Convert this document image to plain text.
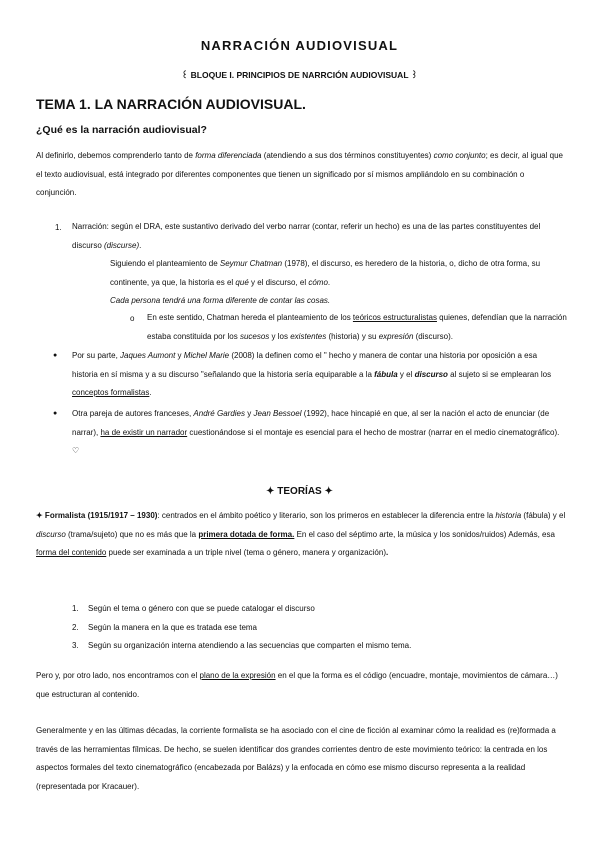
NARRACIÓN AUDIOVISUAL
꒰ BLOQUE I. PRINCIPIOS DE NARRCIÓN AUDIOVISUAL ꒱
TEMA 1. LA NARRACIÓN AUDIOVISUAL.
¿Qué es la narración audiovisual?
Al definirlo, debemos comprenderlo tanto de forma diferenciada (atendiendo a sus dos términos constituyentes) como conjunto; es decir, al igual que el texto audiovisual, está integrado por diferentes componentes que tienen un significado por sí mismos ampliándolo en su combinación o conjunción.
1. Narración: según el DRA, este sustantivo derivado del verbo narrar (contar, referir un hecho) es una de las partes constituyentes del discurso (discurse).
Siguiendo el planteamiento de Seymur Chatman (1978), el discurso, es heredero de la historia, o, dicho de otra forma, su continente, ya que, la historia es el qué y el discurso, el cómo.
Cada persona tendrá una forma diferente de contar las cosas.
o En este sentido, Chatman hereda el planteamiento de los teóricos estructuralistas quienes, defendían que la narración estaba constituida por los sucesos y los existentes (historia) y su expresión (discurso).
● Por su parte, Jaques Aumont y Michel Marie (2008) la definen como el " hecho y manera de contar una historia por oposición a esa historia en sí misma y a su discurso "señalando que la historia sería equiparable a la fábula y el discurso al sujeto si se emplearan los conceptos formalistas.
● Otra pareja de autores franceses, André Gardies y Jean Bessoel (1992), hace hincapié en que, al ser la nación el acto de enunciar (de narrar), ha de existir un narrador cuestionándose si el montaje es esencial para el hecho de mostrar (narrar en el medio cinematográfico). ♡
✦ TEORÍAS ✦
✦ Formalista (1915/1917 – 1930): centrados en el ámbito poético y literario, son los primeros en establecer la diferencia entre la historia (fábula) y el discurso (trama/sujeto) que no es más que la primera dotada de forma. En el caso del séptimo arte, la música y los sonidos/ruidos) Además, esa forma del contenido puede ser examinada a un triple nivel (tema o género, manera y organización).
1. Según el tema o género con que se puede catalogar el discurso
2. Según la manera en la que es tratada ese tema
3. Según su organización interna atendiendo a las secuencias que comparten el mismo tema.
Pero y, por otro lado, nos encontramos con el plano de la expresión en el que la forma es el código (encuadre, montaje, movimientos de cámara…) que estructuran al contenido.
Generalmente y en las últimas décadas, la corriente formalista se ha asociado con el cine de ficción al examinar cómo la realidad es (re)formada a través de las herramientas fílmicas. De hecho, se suelen identificar dos grandes corrientes dentro de este movimiento teórico: la centrada en los aspectos formales del texto cinematográfico (encabezada por Balázs) y la enfocada en cómo ese mismo discurso representa a la realidad (representada por Kracauer).
